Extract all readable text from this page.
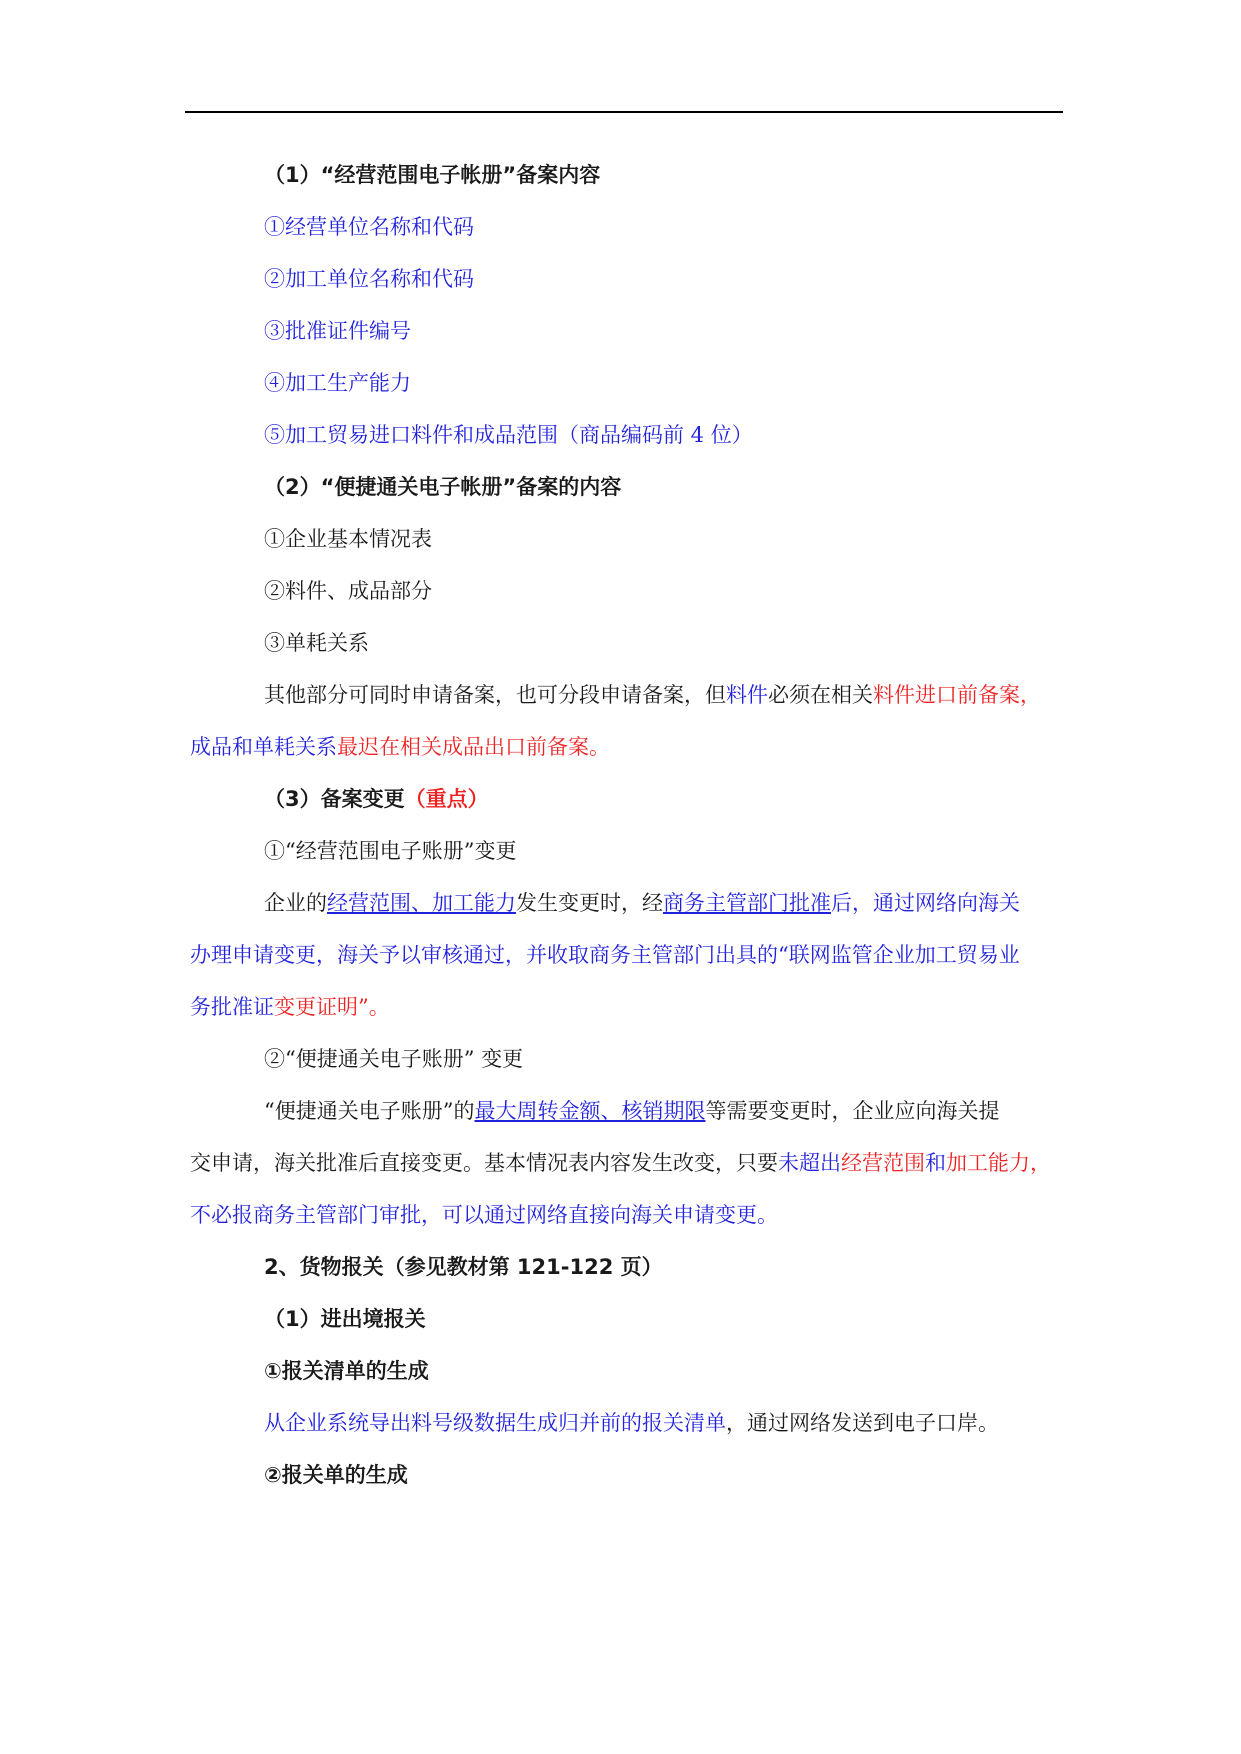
（1）“经营范围电子帐册”备案内容
①经营单位名称和代码
②加工单位名称和代码
③批准证件编号
④加工生产能力
⑤加工贸易进口料件和成品范围（商品编码前 4 位）
（2）“便捷通关电子帐册”备案的内容
①企业基本情况表
②料件、成品部分
③单耗关系
其他部分可同时申请备案，也可分段申请备案，但料件必须在相关料件进口前备案，
成品和单耗关系最迟在相关成品出口前备案。
（3）备案变更（重点）
①“经营范围电子账册”变更
企业的经营范围、加工能力发生变更时，经商务主管部门批准后，通过网络向海关
办理申请变更，海关予以审核通过，并收取商务主管部门出具的“联网监管企业加工贸易业
务批准证变更证明”。
②“便捷通关电子账册” 变更
“便捷通关电子账册”的最大周转金额、核销期限等需要变更时，企业应向海关提
交申请，海关批准后直接变更。基本情况表内容发生改变，只要未超出经营范围和加工能力，
不必报商务主管部门审批，可以通过网络直接向海关申请变更。
2、货物报关（参见教材第 121-122 页）
（1）进出境报关
①报关清单的生成
从企业系统导出料号级数据生成归并前的报关清单，通过网络发送到电子口岸。
②报关单的生成
